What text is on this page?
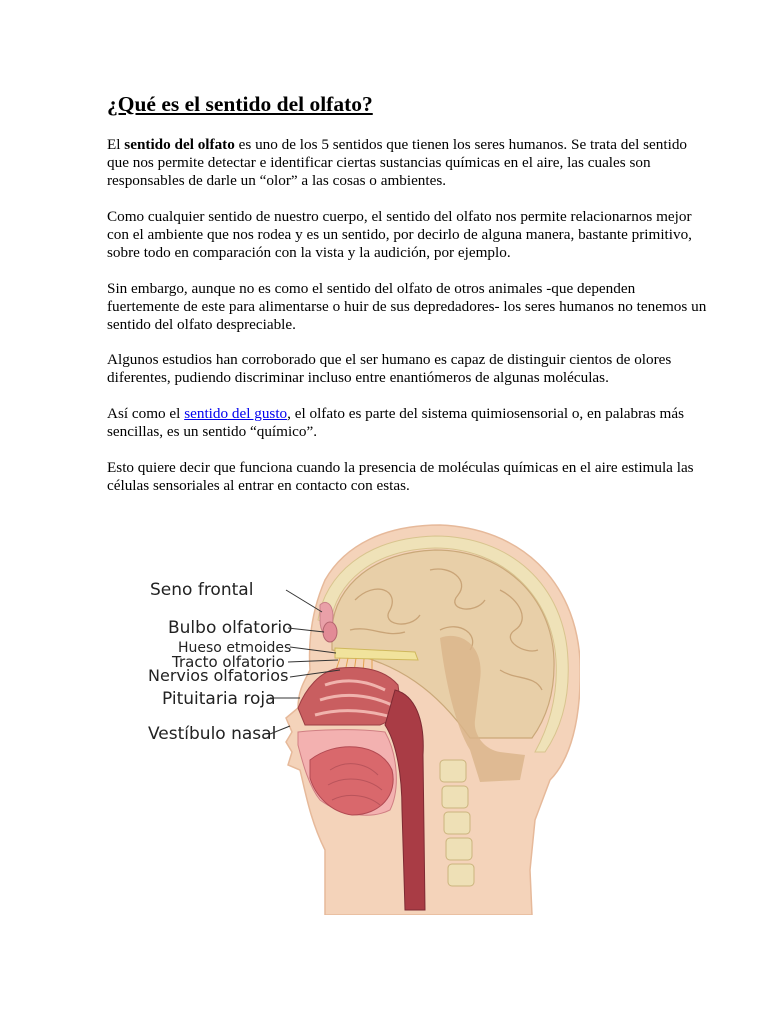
¿Qué es el sentido del olfato?

El sentido del olfato es uno de los 5 sentidos que tienen los seres humanos. Se trata del sentido
que nos permite detectar e identificar ciertas sustancias químicas en el aire, las cuales son
responsables de darle un “olor” a las cosas o ambientes.

Como cualquier sentido de nuestro cuerpo, el sentido del olfato nos permite relacionarnos mejor
con el ambiente que nos rodea y es un sentido, por decirlo de alguna manera, bastante primitivo,
sobre todo en comparación con la vista y la audición, por ejemplo.

Sin embargo, aunque no es como el sentido del olfato de otros animales -que dependen
fuertemente de este para alimentarse o huir de sus depredadores- los seres humanos no tenemos un
sentido del olfato despreciable.

Algunos estudios han corroborado que el ser humano es capaz de distinguir cientos de olores
diferentes, pudiendo discriminar incluso entre enantiómeros de algunas moléculas.

Así como el sentido del gusto, el olfato es parte del sistema quimiosensorial o, en palabras más
sencillas, es un sentido “químico”.

Esto quiere decir que funciona cuando la presencia de moléculas químicas en el aire estimula las
células sensoriales al entrar en contacto con estas.

Seno frontal
Bulbo olfatorio
Hueso etmoides
Tracto olfatorio
Nervios olfatorios
Pituitaria roja
Vestíbulo nasal
